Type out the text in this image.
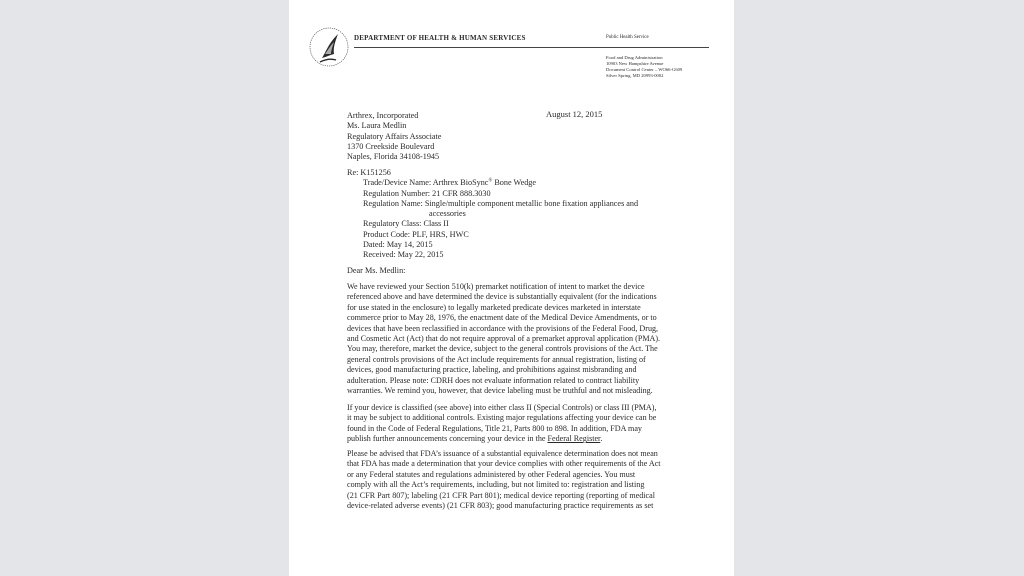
DEPARTMENT OF HEALTH & HUMAN SERVICES	Public Health Service
Food and Drug Administration
10903 New Hampshire Avenue
Document Control Center – WO66-G609
Silver Spring, MD 20993-0002
August 12, 2015
Arthrex, Incorporated
Ms. Laura Medlin
Regulatory Affairs Associate
1370 Creekside Boulevard
Naples, Florida 34108-1945
Re: K151256
Trade/Device Name: Arthrex BioSync® Bone Wedge
Regulation Number: 21 CFR 888.3030
Regulation Name: Single/multiple component metallic bone fixation appliances and
accessories
Regulatory Class: Class II
Product Code: PLF, HRS, HWC
Dated: May 14, 2015
Received: May 22, 2015
Dear Ms. Medlin:
We have reviewed your Section 510(k) premarket notification of intent to market the device
referenced above and have determined the device is substantially equivalent (for the indications
for use stated in the enclosure) to legally marketed predicate devices marketed in interstate
commerce prior to May 28, 1976, the enactment date of the Medical Device Amendments, or to
devices that have been reclassified in accordance with the provisions of the Federal Food, Drug,
and Cosmetic Act (Act) that do not require approval of a premarket approval application (PMA).
You may, therefore, market the device, subject to the general controls provisions of the Act. The
general controls provisions of the Act include requirements for annual registration, listing of
devices, good manufacturing practice, labeling, and prohibitions against misbranding and
adulteration. Please note: CDRH does not evaluate information related to contract liability
warranties. We remind you, however, that device labeling must be truthful and not misleading.
If your device is classified (see above) into either class II (Special Controls) or class III (PMA),
it may be subject to additional controls. Existing major regulations affecting your device can be
found in the Code of Federal Regulations, Title 21, Parts 800 to 898. In addition, FDA may
publish further announcements concerning your device in the Federal Register.
Please be advised that FDA’s issuance of a substantial equivalence determination does not mean
that FDA has made a determination that your device complies with other requirements of the Act
or any Federal statutes and regulations administered by other Federal agencies. You must
comply with all the Act’s requirements, including, but not limited to: registration and listing
(21 CFR Part 807); labeling (21 CFR Part 801); medical device reporting (reporting of medical
device-related adverse events) (21 CFR 803); good manufacturing practice requirements as set
